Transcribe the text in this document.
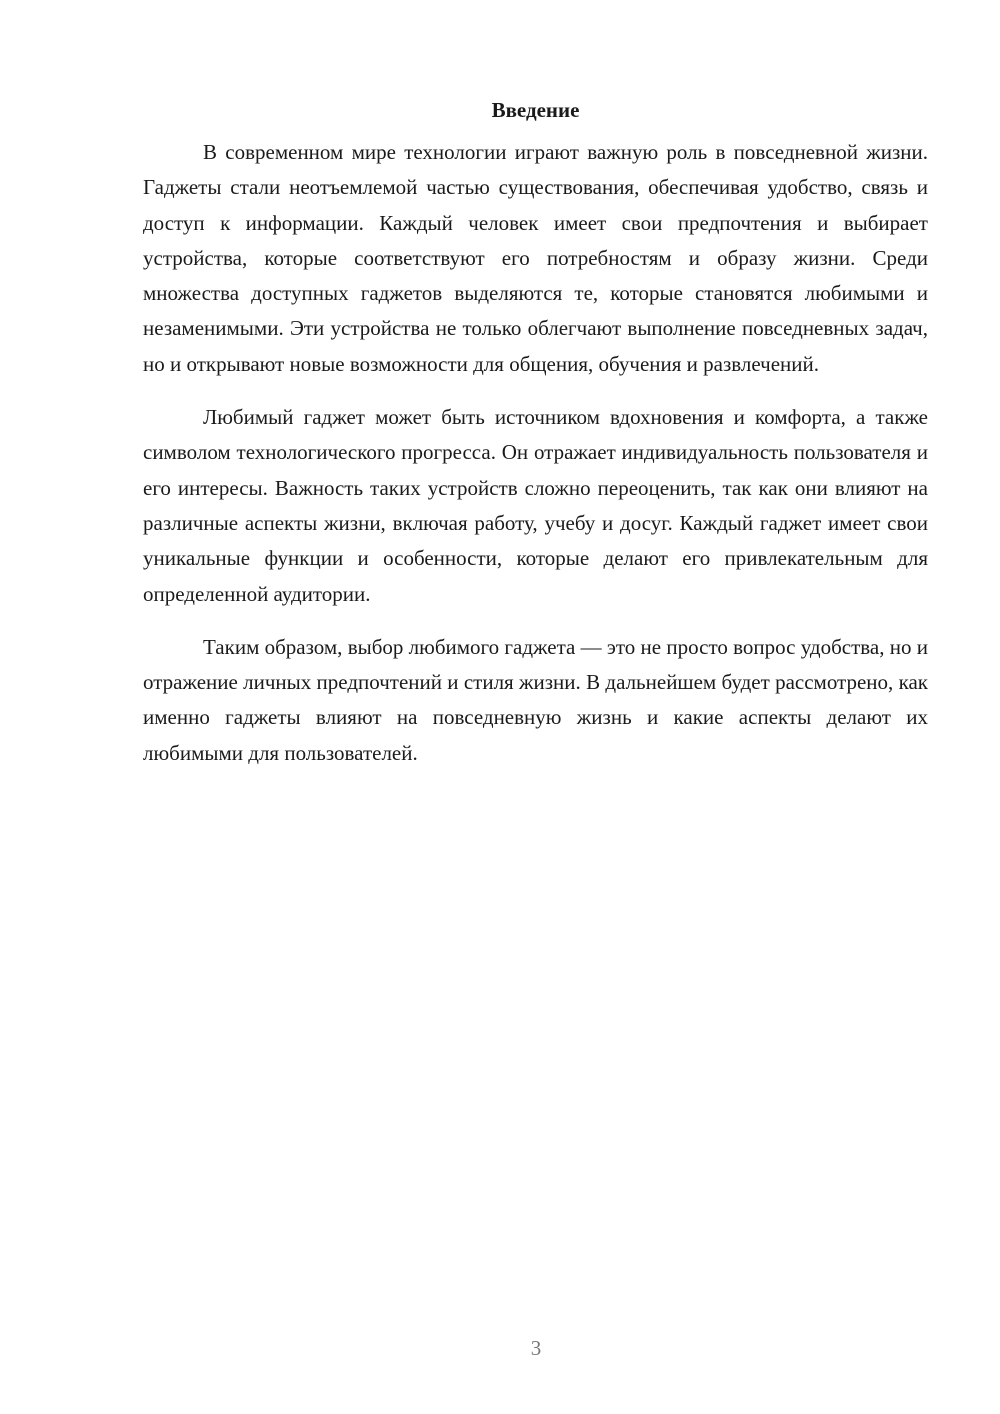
Введение

В современном мире технологии играют важную роль в повседневной жизни. Гаджеты стали неотъемлемой частью существования, обеспечивая удобство, связь и доступ к информации. Каждый человек имеет свои предпочтения и выбирает устройства, которые соответствуют его потребностям и образу жизни. Среди множества доступных гаджетов выделяются те, которые становятся любимыми и незаменимыми. Эти устройства не только облегчают выполнение повседневных задач, но и открывают новые возможности для общения, обучения и развлечений.

Любимый гаджет может быть источником вдохновения и комфорта, а также символом технологического прогресса. Он отражает индивидуальность пользователя и его интересы. Важность таких устройств сложно переоценить, так как они влияют на различные аспекты жизни, включая работу, учебу и досуг. Каждый гаджет имеет свои уникальные функции и особенности, которые делают его привлекательным для определенной аудитории.

Таким образом, выбор любимого гаджета — это не просто вопрос удобства, но и отражение личных предпочтений и стиля жизни. В дальнейшем будет рассмотрено, как именно гаджеты влияют на повседневную жизнь и какие аспекты делают их любимыми для пользователей.

3
